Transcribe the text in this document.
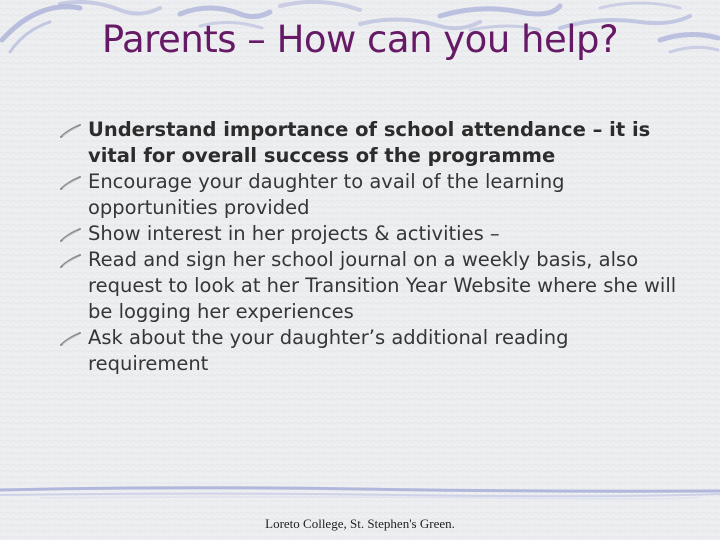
Parents – How can you help?
Understand importance of school attendance – it is vital for overall success of the programme
Encourage your daughter to avail of the learning opportunities provided
Show interest in her projects & activities –
Read and sign her school journal on a weekly basis, also request to look at her Transition Year Website where she will be logging her experiences
Ask about the your daughter’s additional reading requirement
Loreto College, St. Stephen's Green.
